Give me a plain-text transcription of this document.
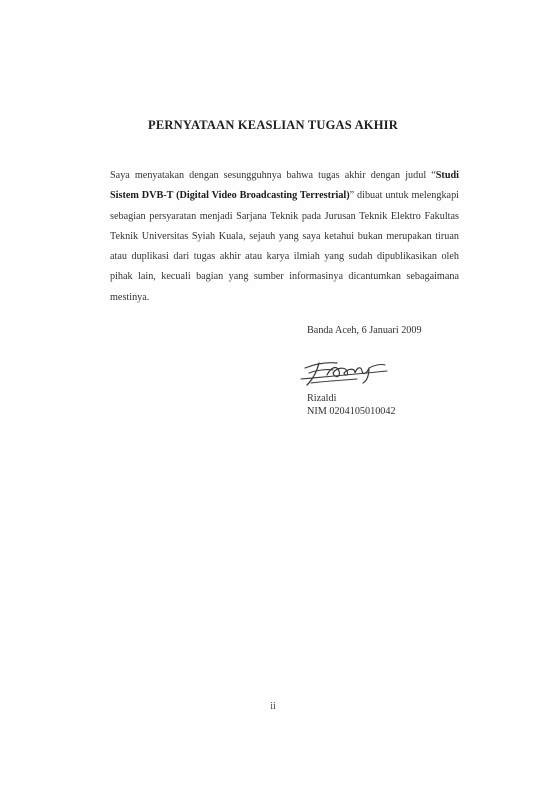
PERNYATAAN KEASLIAN TUGAS AKHIR
Saya menyatakan dengan sesungguhnya bahwa tugas akhir dengan judul “Studi Sistem DVB-T (Digital Video Broadcasting Terrestrial)” dibuat untuk melengkapi sebagian persyaratan menjadi Sarjana Teknik pada Jurusan Teknik Elektro Fakultas Teknik Universitas Syiah Kuala, sejauh yang saya ketahui bukan merupakan tiruan atau duplikasi dari tugas akhir atau karya ilmiah yang sudah dipublikasikan oleh pihak lain, kecuali bagian yang sumber informasinya dicantumkan sebagaimana mestinya.
Banda Aceh, 6 Januari 2009
Rizaldi
NIM 0204105010042
ii
